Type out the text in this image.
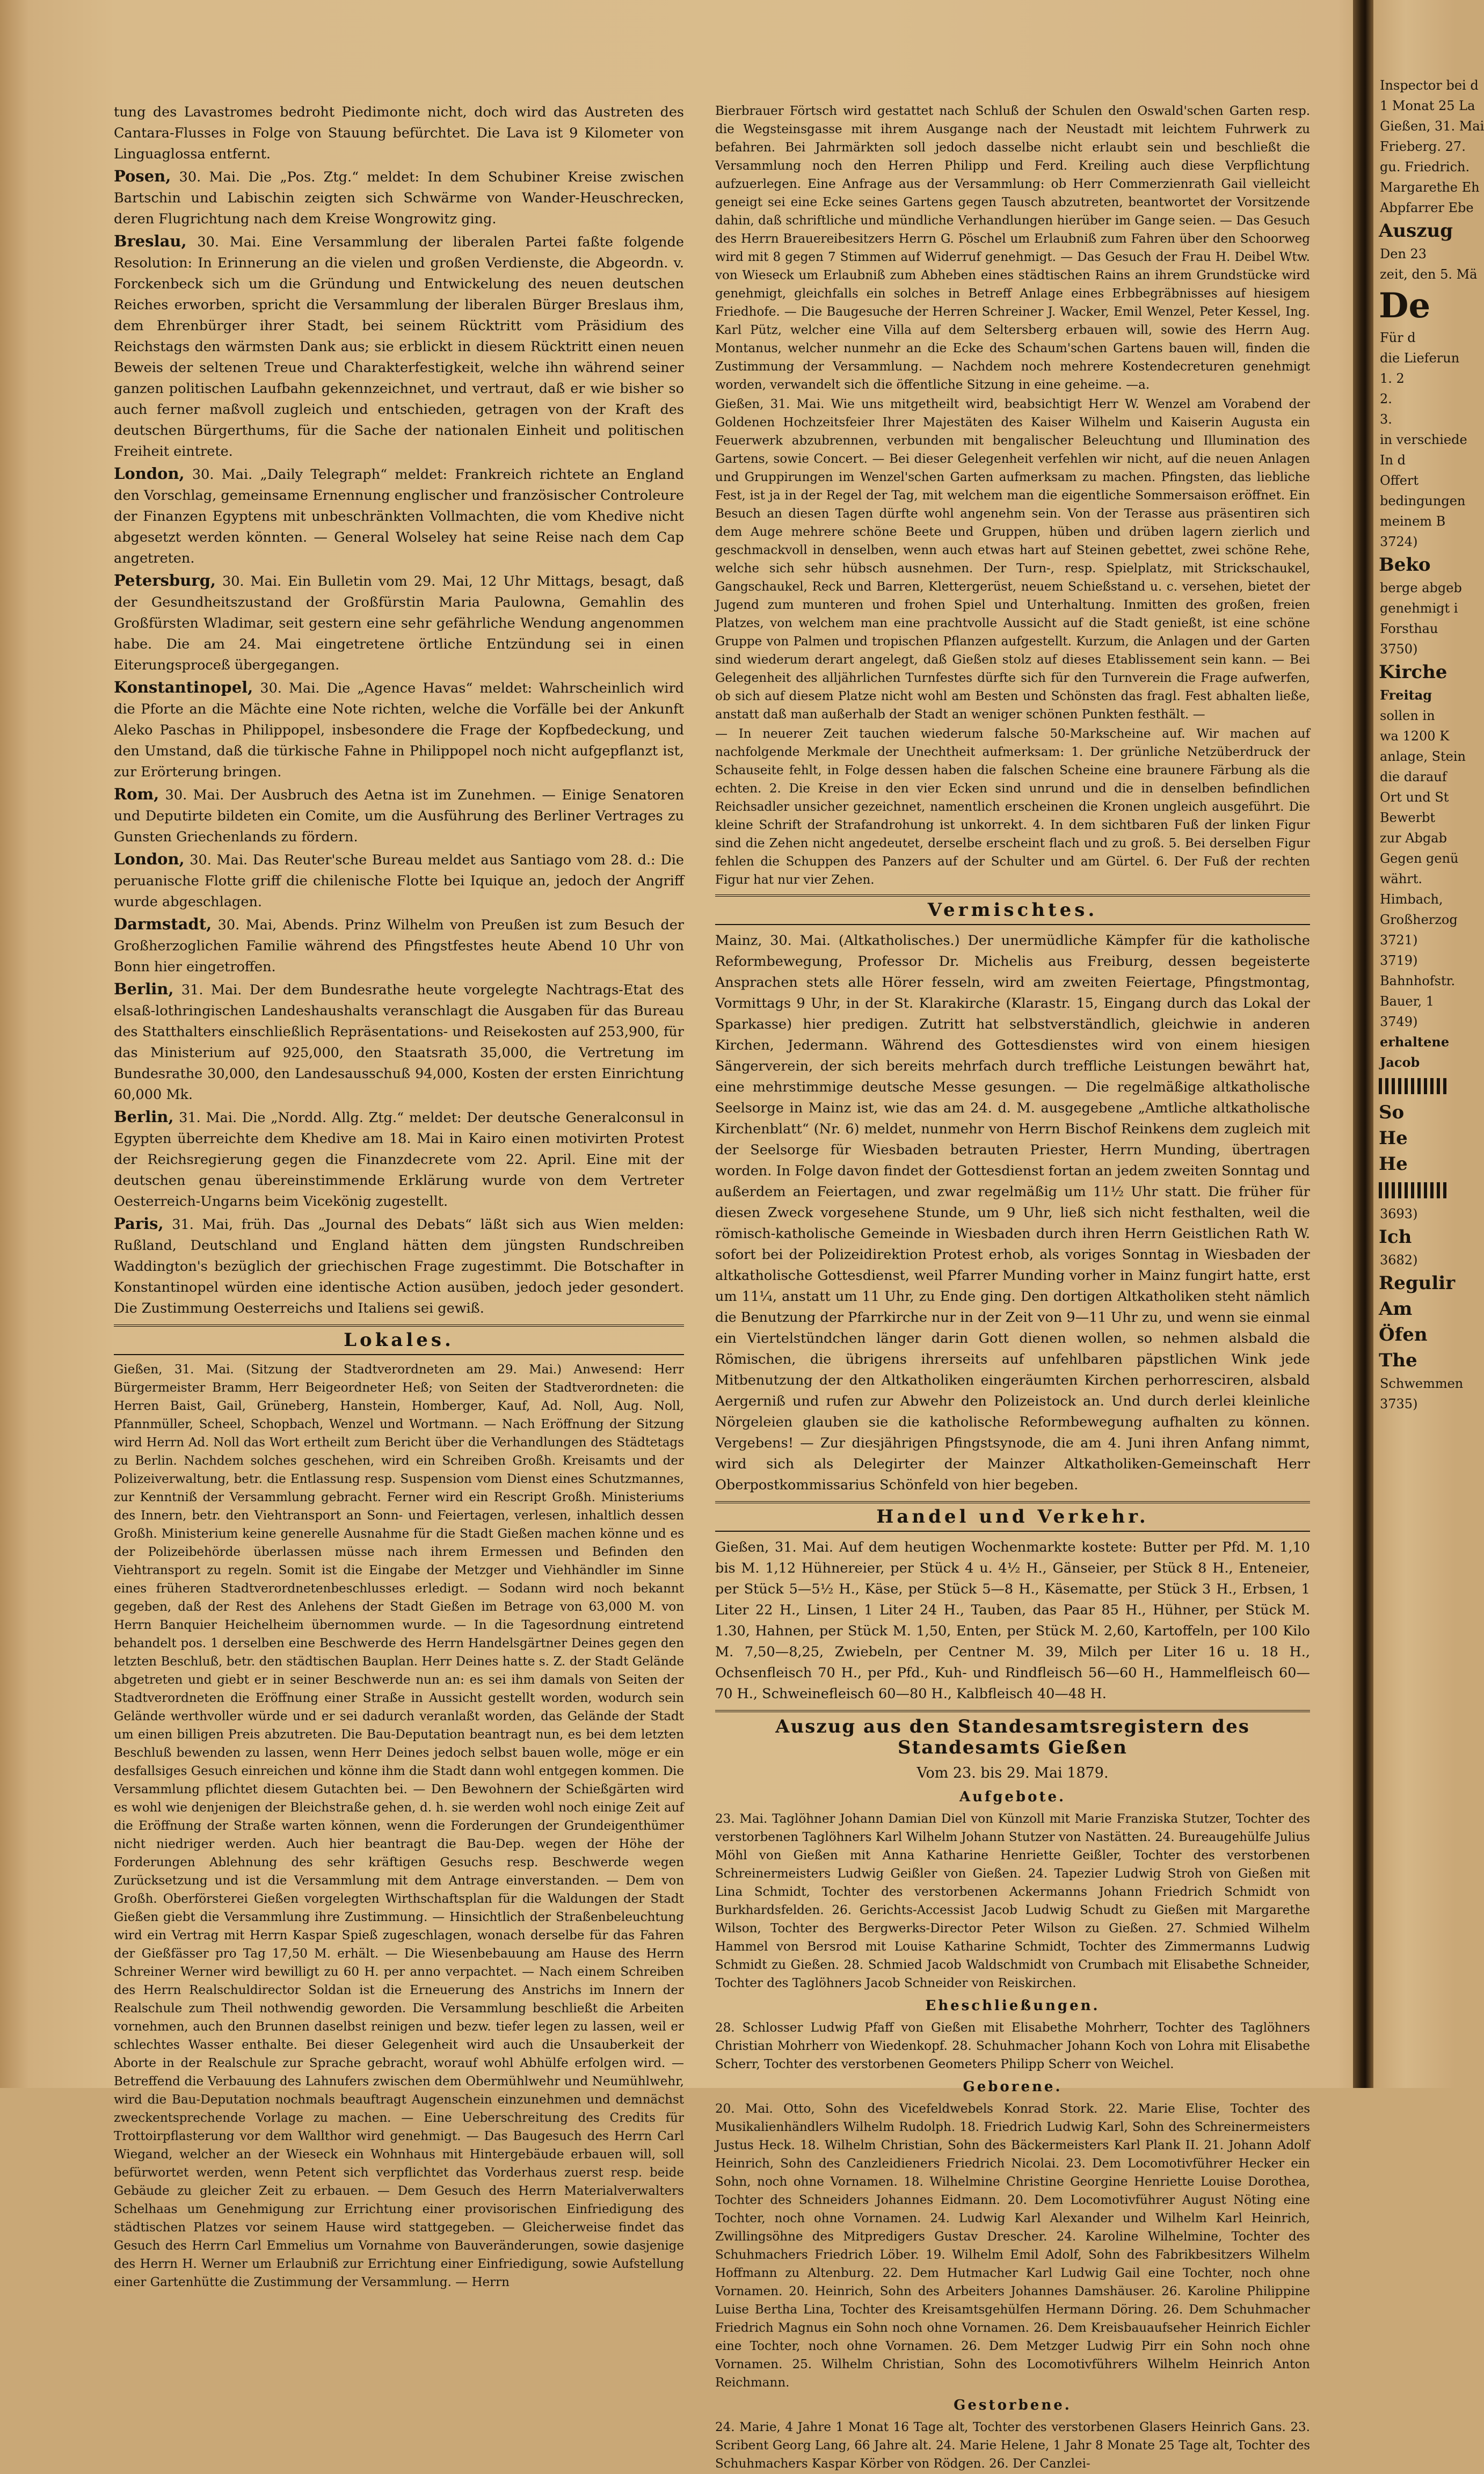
tung des Lavastromes bedroht Piedimonte nicht, doch wird das Austreten des Cantara-Flusses in Folge von Stauung befürchtet. Die Lava ist 9 Kilometer von Linguaglossa entfernt.

Posen, 30. Mai. Die „Pos. Ztg.“ meldet: In dem Schubiner Kreise zwischen Bartschin und Labischin zeigten sich Schwärme von Wander-Heuschrecken, deren Flugrichtung nach dem Kreise Wongrowitz ging.

Breslau, 30. Mai. Eine Versammlung der liberalen Partei faßte folgende Resolution: In Erinnerung an die vielen und großen Verdienste, die Abgeordn. v. Forckenbeck sich um die Gründung und Entwickelung des neuen deutschen Reiches erworben, spricht die Versammlung der liberalen Bürger Breslaus ihm, dem Ehrenbürger ihrer Stadt, bei seinem Rücktritt vom Präsidium des Reichstags den wärmsten Dank aus; sie erblickt in diesem Rücktritt einen neuen Beweis der seltenen Treue und Charakterfestigkeit, welche ihn während seiner ganzen politischen Laufbahn gekennzeichnet, und vertraut, daß er wie bisher so auch ferner maßvoll zugleich und entschieden, getragen von der Kraft des deutschen Bürgerthums, für die Sache der nationalen Einheit und politischen Freiheit eintrete.

London, 30. Mai. „Daily Telegraph“ meldet: Frankreich richtete an England den Vorschlag, gemeinsame Ernennung englischer und französischer Controleure der Finanzen Egyptens mit unbeschränkten Vollmachten, die vom Khedive nicht abgesetzt werden könnten. — General Wolseley hat seine Reise nach dem Cap angetreten.

Petersburg, 30. Mai. Ein Bulletin vom 29. Mai, 12 Uhr Mittags, besagt, daß der Gesundheitszustand der Großfürstin Maria Paulowna, Gemahlin des Großfürsten Wladimar, seit gestern eine sehr gefährliche Wendung angenommen habe. Die am 24. Mai eingetretene örtliche Entzündung sei in einen Eiterungsproceß übergegangen.

Konstantinopel, 30. Mai. Die „Agence Havas“ meldet: Wahrscheinlich wird die Pforte an die Mächte eine Note richten, welche die Vorfälle bei der Ankunft Aleko Paschas in Philippopel, insbesondere die Frage der Kopfbedeckung, und den Umstand, daß die türkische Fahne in Philippopel noch nicht aufgepflanzt ist, zur Erörterung bringen.

Rom, 30. Mai. Der Ausbruch des Aetna ist im Zunehmen. — Einige Senatoren und Deputirte bildeten ein Comite, um die Ausführung des Berliner Vertrages zu Gunsten Griechenlands zu fördern.

London, 30. Mai. Das Reuter'sche Bureau meldet aus Santiago vom 28. d.: Die peruanische Flotte griff die chilenische Flotte bei Iquique an, jedoch der Angriff wurde abgeschlagen.

Darmstadt, 30. Mai, Abends. Prinz Wilhelm von Preußen ist zum Besuch der Großherzoglichen Familie während des Pfingstfestes heute Abend 10 Uhr von Bonn hier eingetroffen.

Berlin, 31. Mai. Der dem Bundesrathe heute vorgelegte Nachtrags-Etat des elsaß-lothringischen Landeshaushalts veranschlagt die Ausgaben für das Bureau des Statthalters einschließlich Repräsentations- und Reisekosten auf 253,900, für das Ministerium auf 925,000, den Staatsrath 35,000, die Vertretung im Bundesrathe 30,000, den Landesausschuß 94,000, Kosten der ersten Einrichtung 60,000 Mk.

Berlin, 31. Mai. Die „Nordd. Allg. Ztg.“ meldet: Der deutsche Generalconsul in Egypten überreichte dem Khedive am 18. Mai in Kairo einen motivirten Protest der Reichsregierung gegen die Finanzdecrete vom 22. April. Eine mit der deutschen genau übereinstimmende Erklärung wurde von dem Vertreter Oesterreich-Ungarns beim Vicekönig zugestellt.

Paris, 31. Mai, früh. Das „Journal des Debats“ läßt sich aus Wien melden: Rußland, Deutschland und England hätten dem jüngsten Rundschreiben Waddington's bezüglich der griechischen Frage zugestimmt. Die Botschafter in Konstantinopel würden eine identische Action ausüben, jedoch jeder gesondert. Die Zustimmung Oesterreichs und Italiens sei gewiß.

Lokales.

Gießen, 31. Mai. (Sitzung der Stadtverordneten am 29. Mai.) Anwesend: Herr Bürgermeister Bramm, Herr Beigeordneter Heß; von Seiten der Stadtverordneten: die Herren Baist, Gail, Grüneberg, Hanstein, Homberger, Kauf, Ad. Noll, Aug. Noll, Pfannmüller, Scheel, Schopbach, Wenzel und Wortmann. — Nach Eröffnung der Sitzung wird Herrn Ad. Noll das Wort ertheilt zum Bericht über die Verhandlungen des Städtetags zu Berlin. Nachdem solches geschehen, wird ein Schreiben Großh. Kreisamts und der Polizeiverwaltung, betr. die Entlassung resp. Suspension vom Dienst eines Schutzmannes, zur Kenntniß der Versammlung gebracht. Ferner wird ein Rescript Großh. Ministeriums des Innern, betr. den Viehtransport an Sonn- und Feiertagen, verlesen, inhaltlich dessen Großh. Ministerium keine generelle Ausnahme für die Stadt Gießen machen könne und es der Polizeibehörde überlassen müsse nach ihrem Ermessen und Befinden den Viehtransport zu regeln. Somit ist die Eingabe der Metzger und Viehhändler im Sinne eines früheren Stadtverordnetenbeschlusses erledigt. — Sodann wird noch bekannt gegeben, daß der Rest des Anlehens der Stadt Gießen im Betrage von 63,000 M. von Herrn Banquier Heichelheim übernommen wurde. — In die Tagesordnung eintretend behandelt pos. 1 derselben eine Beschwerde des Herrn Handelsgärtner Deines gegen den letzten Beschluß, betr. den städtischen Bauplan. Herr Deines hatte s. Z. der Stadt Gelände abgetreten und giebt er in seiner Beschwerde nun an: es sei ihm damals von Seiten der Stadtverordneten die Eröffnung einer Straße in Aussicht gestellt worden, wodurch sein Gelände werthvoller würde und er sei dadurch veranlaßt worden, das Gelände der Stadt um einen billigen Preis abzutreten. Die Bau-Deputation beantragt nun, es bei dem letzten Beschluß bewenden zu lassen, wenn Herr Deines jedoch selbst bauen wolle, möge er ein desfallsiges Gesuch einreichen und könne ihm die Stadt dann wohl entgegen kommen. Die Versammlung pflichtet diesem Gutachten bei. — Den Bewohnern der Schießgärten wird es wohl wie denjenigen der Bleichstraße gehen, d. h. sie werden wohl noch einige Zeit auf die Eröffnung der Straße warten können, wenn die Forderungen der Grundeigenthümer nicht niedriger werden. Auch hier beantragt die Bau-Dep. wegen der Höhe der Forderungen Ablehnung des sehr kräftigen Gesuchs resp. Beschwerde wegen Zurücksetzung und ist die Versammlung mit dem Antrage einverstanden. — Dem von Großh. Oberförsterei Gießen vorgelegten Wirthschaftsplan für die Waldungen der Stadt Gießen giebt die Versammlung ihre Zustimmung. — Hinsichtlich der Straßenbeleuchtung wird ein Vertrag mit Herrn Kaspar Spieß zugeschlagen, wonach derselbe für das Fahren der Gießfässer pro Tag 17,50 M. erhält. — Die Wiesenbebauung am Hause des Herrn Schreiner Werner wird bewilligt zu 60 H. per anno verpachtet. — Nach einem Schreiben des Herrn Realschuldirector Soldan ist die Erneuerung des Anstrichs im Innern der Realschule zum Theil nothwendig geworden. Die Versammlung beschließt die Arbeiten vornehmen, auch den Brunnen daselbst reinigen und bezw. tiefer legen zu lassen, weil er schlechtes Wasser enthalte. Bei dieser Gelegenheit wird auch die Unsauberkeit der Aborte in der Realschule zur Sprache gebracht, worauf wohl Abhülfe erfolgen wird. — Betreffend die Verbauung des Lahnufers zwischen dem Obermühlwehr und Neumühlwehr, wird die Bau-Deputation nochmals beauftragt Augenschein einzunehmen und demnächst zweckentsprechende Vorlage zu machen. — Eine Ueberschreitung des Credits für Trottoirpflasterung vor dem Wallthor wird genehmigt. — Das Baugesuch des Herrn Carl Wiegand, welcher an der Wieseck ein Wohnhaus mit Hintergebäude erbauen will, soll befürwortet werden, wenn Petent sich verpflichtet das Vorderhaus zuerst resp. beide Gebäude zu gleicher Zeit zu erbauen. — Dem Gesuch des Herrn Materialverwalters Schelhaas um Genehmigung zur Errichtung einer provisorischen Einfriedigung des städtischen Platzes vor seinem Hause wird stattgegeben. — Gleicherweise findet das Gesuch des Herrn Carl Emmelius um Vornahme von Bauveränderungen, sowie dasjenige des Herrn H. Werner um Erlaubniß zur Errichtung einer Einfriedigung, sowie Aufstellung einer Gartenhütte die Zustimmung der Versammlung. — Herrn

Bierbrauer Förtsch wird gestattet nach Schluß der Schulen den Oswald'schen Garten resp. die Wegsteinsgasse mit ihrem Ausgange nach der Neustadt mit leichtem Fuhrwerk zu befahren. Bei Jahrmärkten soll jedoch dasselbe nicht erlaubt sein und beschließt die Versammlung noch den Herren Philipp und Ferd. Kreiling auch diese Verpflichtung aufzuerlegen. Eine Anfrage aus der Versammlung: ob Herr Commerzienrath Gail vielleicht geneigt sei eine Ecke seines Gartens gegen Tausch abzutreten, beantwortet der Vorsitzende dahin, daß schriftliche und mündliche Verhandlungen hierüber im Gange seien. — Das Gesuch des Herrn Brauereibesitzers Herrn G. Pöschel um Erlaubniß zum Fahren über den Schoorweg wird mit 8 gegen 7 Stimmen auf Widerruf genehmigt. — Das Gesuch der Frau H. Deibel Wtw. von Wieseck um Erlaubniß zum Abheben eines städtischen Rains an ihrem Grundstücke wird genehmigt, gleichfalls ein solches in Betreff Anlage eines Erbbegräbnisses auf hiesigem Friedhofe. — Die Baugesuche der Herren Schreiner J. Wacker, Emil Wenzel, Peter Kessel, Ing. Karl Pütz, welcher eine Villa auf dem Seltersberg erbauen will, sowie des Herrn Aug. Montanus, welcher nunmehr an die Ecke des Schaum'schen Gartens bauen will, finden die Zustimmung der Versammlung. — Nachdem noch mehrere Kostendecreturen genehmigt worden, verwandelt sich die öffentliche Sitzung in eine geheime. —a.

Gießen, 31. Mai. Wie uns mitgetheilt wird, beabsichtigt Herr W. Wenzel am Vorabend der Goldenen Hochzeitsfeier Ihrer Majestäten des Kaiser Wilhelm und Kaiserin Augusta ein Feuerwerk abzubrennen, verbunden mit bengalischer Beleuchtung und Illumination des Gartens, sowie Concert. — Bei dieser Gelegenheit verfehlen wir nicht, auf die neuen Anlagen und Gruppirungen im Wenzel'schen Garten aufmerksam zu machen. Pfingsten, das liebliche Fest, ist ja in der Regel der Tag, mit welchem man die eigentliche Sommersaison eröffnet. Ein Besuch an diesen Tagen dürfte wohl angenehm sein. Von der Terasse aus präsentiren sich dem Auge mehrere schöne Beete und Gruppen, hüben und drüben lagern zierlich und geschmackvoll in denselben, wenn auch etwas hart auf Steinen gebettet, zwei schöne Rehe, welche sich sehr hübsch ausnehmen. Der Turn-, resp. Spielplatz, mit Strickschaukel, Gangschaukel, Reck und Barren, Klettergerüst, neuem Schießstand u. c. versehen, bietet der Jugend zum munteren und frohen Spiel und Unterhaltung. Inmitten des großen, freien Platzes, von welchem man eine prachtvolle Aussicht auf die Stadt genießt, ist eine schöne Gruppe von Palmen und tropischen Pflanzen aufgestellt. Kurzum, die Anlagen und der Garten sind wiederum derart angelegt, daß Gießen stolz auf dieses Etablissement sein kann. — Bei Gelegenheit des alljährlichen Turnfestes dürfte sich für den Turnverein die Frage aufwerfen, ob sich auf diesem Platze nicht wohl am Besten und Schönsten das fragl. Fest abhalten ließe, anstatt daß man außerhalb der Stadt an weniger schönen Punkten festhält. —

— In neuerer Zeit tauchen wiederum falsche 50-Markscheine auf. Wir machen auf nachfolgende Merkmale der Unechtheit aufmerksam: 1. Der grünliche Netzüberdruck der Schauseite fehlt, in Folge dessen haben die falschen Scheine eine braunere Färbung als die echten. 2. Die Kreise in den vier Ecken sind unrund und die in denselben befindlichen Reichsadler unsicher gezeichnet, namentlich erscheinen die Kronen ungleich ausgeführt. Die kleine Schrift der Strafandrohung ist unkorrekt. 4. In dem sichtbaren Fuß der linken Figur sind die Zehen nicht angedeutet, derselbe erscheint flach und zu groß. 5. Bei derselben Figur fehlen die Schuppen des Panzers auf der Schulter und am Gürtel. 6. Der Fuß der rechten Figur hat nur vier Zehen.

Vermischtes.

Mainz, 30. Mai. (Altkatholisches.) Der unermüdliche Kämpfer für die katholische Reformbewegung, Professor Dr. Michelis aus Freiburg, dessen begeisterte Ansprachen stets alle Hörer fesseln, wird am zweiten Feiertage, Pfingstmontag, Vormittags 9 Uhr, in der St. Klarakirche (Klarastr. 15, Eingang durch das Lokal der Sparkasse) hier predigen. Zutritt hat selbstverständlich, gleichwie in anderen Kirchen, Jedermann. Während des Gottesdienstes wird von einem hiesigen Sängerverein, der sich bereits mehrfach durch treffliche Leistungen bewährt hat, eine mehrstimmige deutsche Messe gesungen. — Die regelmäßige altkatholische Seelsorge in Mainz ist, wie das am 24. d. M. ausgegebene „Amtliche altkatholische Kirchenblatt“ (Nr. 6) meldet, nunmehr von Herrn Bischof Reinkens dem zugleich mit der Seelsorge für Wiesbaden betrauten Priester, Herrn Munding, übertragen worden. In Folge davon findet der Gottesdienst fortan an jedem zweiten Sonntag und außerdem an Feiertagen, und zwar regelmäßig um 11½ Uhr statt. Die früher für diesen Zweck vorgesehene Stunde, um 9 Uhr, ließ sich nicht festhalten, weil die römisch-katholische Gemeinde in Wiesbaden durch ihren Herrn Geistlichen Rath W. sofort bei der Polizeidirektion Protest erhob, als voriges Sonntag in Wiesbaden der altkatholische Gottesdienst, weil Pfarrer Munding vorher in Mainz fungirt hatte, erst um 11¼, anstatt um 11 Uhr, zu Ende ging. Den dortigen Altkatholiken steht nämlich die Benutzung der Pfarrkirche nur in der Zeit von 9—11 Uhr zu, und wenn sie einmal ein Viertelstündchen länger darin Gott dienen wollen, so nehmen alsbald die Römischen, die übrigens ihrerseits auf unfehlbaren päpstlichen Wink jede Mitbenutzung der den Altkatholiken eingeräumten Kirchen perhorresciren, alsbald Aergerniß und rufen zur Abwehr den Polizeistock an. Und durch derlei kleinliche Nörgeleien glauben sie die katholische Reformbewegung aufhalten zu können. Vergebens! — Zur diesjährigen Pfingstsynode, die am 4. Juni ihren Anfang nimmt, wird sich als Delegirter der Mainzer Altkatholiken-Gemeinschaft Herr Oberpostkommissarius Schönfeld von hier begeben.

Handel und Verkehr.

Gießen, 31. Mai. Auf dem heutigen Wochenmarkte kostete: Butter per Pfd. M. 1,10 bis M. 1,12 Hühnereier, per Stück 4 u. 4½ H., Gänseier, per Stück 8 H., Enteneier, per Stück 5—5½ H., Käse, per Stück 5—8 H., Käsematte, per Stück 3 H., Erbsen, 1 Liter 22 H., Linsen, 1 Liter 24 H., Tauben, das Paar 85 H., Hühner, per Stück M. 1.30, Hahnen, per Stück M. 1,50, Enten, per Stück M. 2,60, Kartoffeln, per 100 Kilo M. 7,50—8,25, Zwiebeln, per Centner M. 39, Milch per Liter 16 u. 18 H., Ochsenfleisch 70 H., per Pfd., Kuh- und Rindfleisch 56—60 H., Hammelfleisch 60—70 H., Schweinefleisch 60—80 H., Kalbfleisch 40—48 H.

Auszug aus den Standesamtsregistern des Standesamts Gießen
Vom 23. bis 29. Mai 1879.
Aufgebote.

23. Mai. Taglöhner Johann Damian Diel von Künzoll mit Marie Franziska Stutzer, Tochter des verstorbenen Taglöhners Karl Wilhelm Johann Stutzer von Nastätten. 24. Bureaugehülfe Julius Möhl von Gießen mit Anna Katharine Henriette Geißler, Tochter des verstorbenen Schreinermeisters Ludwig Geißler von Gießen. 24. Tapezier Ludwig Stroh von Gießen mit Lina Schmidt, Tochter des verstorbenen Ackermanns Johann Friedrich Schmidt von Burkhardsfelden. 26. Gerichts-Accessist Jacob Ludwig Schudt zu Gießen mit Margarethe Wilson, Tochter des Bergwerks-Director Peter Wilson zu Gießen. 27. Schmied Wilhelm Hammel von Bersrod mit Louise Katharine Schmidt, Tochter des Zimmermanns Ludwig Schmidt zu Gießen. 28. Schmied Jacob Waldschmidt von Crumbach mit Elisabethe Schneider, Tochter des Taglöhners Jacob Schneider von Reiskirchen.

Eheschließungen.

28. Schlosser Ludwig Pfaff von Gießen mit Elisabethe Mohrherr, Tochter des Taglöhners Christian Mohrherr von Wiedenkopf. 28. Schuhmacher Johann Koch von Lohra mit Elisabethe Scherr, Tochter des verstorbenen Geometers Philipp Scherr von Weichel.

Geborene.

20. Mai. Otto, Sohn des Vicefeldwebels Konrad Stork. 22. Marie Elise, Tochter des Musikalienhändlers Wilhelm Rudolph. 18. Friedrich Ludwig Karl, Sohn des Schreinermeisters Justus Heck. 18. Wilhelm Christian, Sohn des Bäckermeisters Karl Plank II. 21. Johann Adolf Heinrich, Sohn des Canzleidieners Friedrich Nicolai. 23. Dem Locomotivführer Hecker ein Sohn, noch ohne Vornamen. 18. Wilhelmine Christine Georgine Henriette Louise Dorothea, Tochter des Schneiders Johannes Eidmann. 20. Dem Locomotivführer August Nöting eine Tochter, noch ohne Vornamen. 24. Ludwig Karl Alexander und Wilhelm Karl Heinrich, Zwillingsöhne des Mitpredigers Gustav Drescher. 24. Karoline Wilhelmine, Tochter des Schuhmachers Friedrich Löber. 19. Wilhelm Emil Adolf, Sohn des Fabrikbesitzers Wilhelm Hoffmann zu Altenburg. 22. Dem Hutmacher Karl Ludwig Gail eine Tochter, noch ohne Vornamen. 20. Heinrich, Sohn des Arbeiters Johannes Damshäuser. 26. Karoline Philippine Luise Bertha Lina, Tochter des Kreisamtsgehülfen Hermann Döring. 26. Dem Schuhmacher Friedrich Magnus ein Sohn noch ohne Vornamen. 26. Dem Kreisbauaufseher Heinrich Eichler eine Tochter, noch ohne Vornamen. 26. Dem Metzger Ludwig Pirr ein Sohn noch ohne Vornamen. 25. Wilhelm Christian, Sohn des Locomotivführers Wilhelm Heinrich Anton Reichmann.

Gestorbene.

24. Marie, 4 Jahre 1 Monat 16 Tage alt, Tochter des verstorbenen Glasers Heinrich Gans. 23. Scribent Georg Lang, 66 Jahre alt. 24. Marie Helene, 1 Jahr 8 Monate 25 Tage alt, Tochter des Schuhmachers Kaspar Körber von Rödgen. 26. Der Canzlei-

Inspector bei d
1 Monat 25 La
Gießen, 31. Mai
Frieberg. 27.
gu. Friedrich.
Margarethe Eh
Abpfarrer Ebe
Auszug
Den 23
zeit, den 5. Mä
De
Für d
die Lieferun
1. 2
2.
3.
in verschiede
In d
Offert
bedingungen
meinem B
3724)
Beko
berge abgeb
genehmigt i
Forsthau
3750)
Kirche
Freitag
sollen in
wa 1200 K
anlage, Stein
die darauf
Ort und St
Bewerbt
zur Abgab
Gegen genü
währt.
Himbach,
Großherzog
3721)
3719)
Bahnhofstr.
Bauer, 1
3749)
erhaltene
Jacob
So
He
He
3693)
Ich
3682)
Regulir
Am
Öfen
The
Schwemmen
3735)
